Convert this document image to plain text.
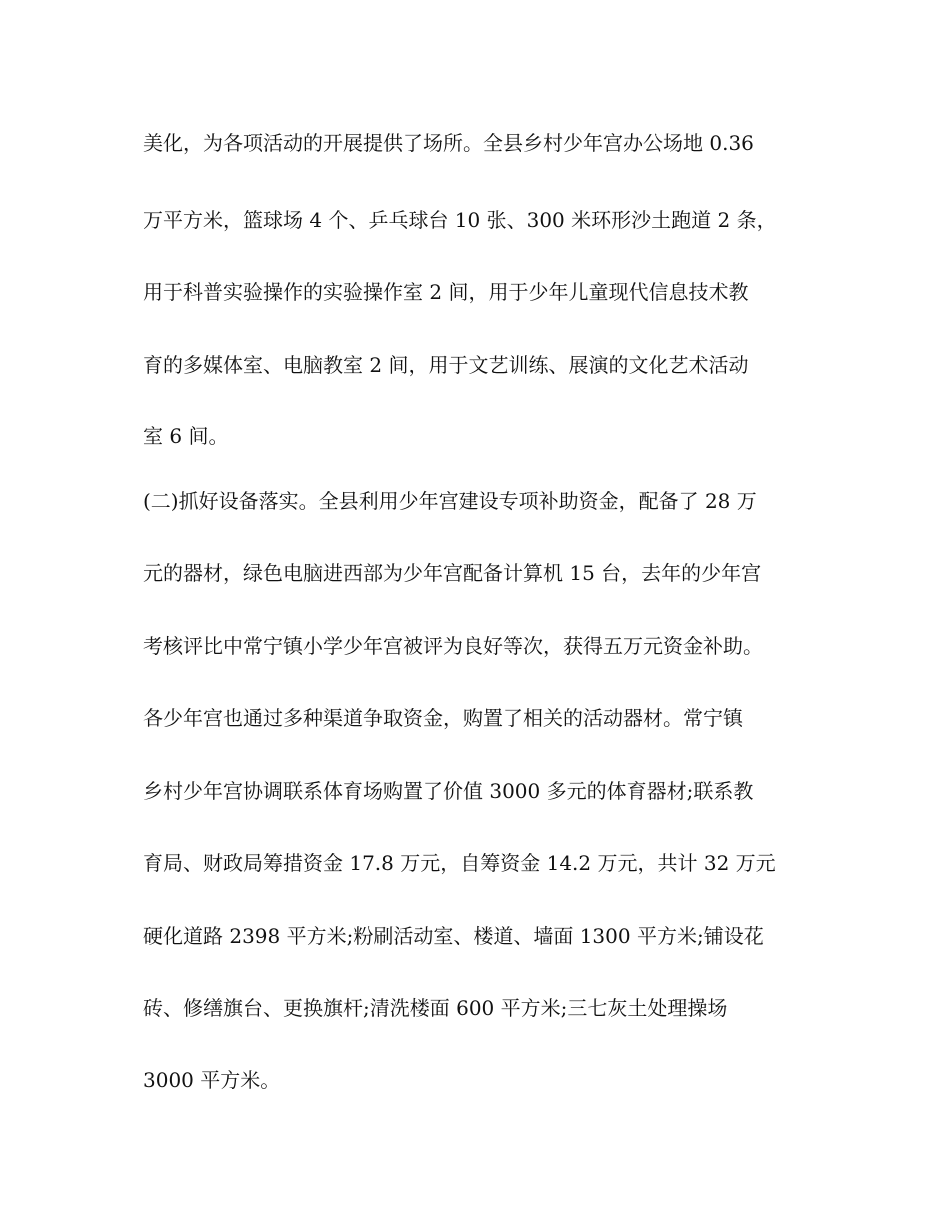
美化，为各项活动的开展提供了场所。全县乡村少年宫办公场地 0.36
万平方米，篮球场 4 个、乒乓球台 10 张、300 米环形沙土跑道 2 条，
用于科普实验操作的实验操作室 2 间，用于少年儿童现代信息技术教
育的多媒体室、电脑教室 2 间，用于文艺训练、展演的文化艺术活动
室 6 间。
(二)抓好设备落实。全县利用少年宫建设专项补助资金，配备了 28 万
元的器材，绿色电脑进西部为少年宫配备计算机 15 台，去年的少年宫
考核评比中常宁镇小学少年宫被评为良好等次，获得五万元资金补助。
各少年宫也通过多种渠道争取资金，购置了相关的活动器材。常宁镇
乡村少年宫协调联系体育场购置了价值 3000 多元的体育器材;联系教
育局、财政局筹措资金 17.8 万元，自筹资金 14.2 万元，共计 32 万元
硬化道路 2398 平方米;粉刷活动室、楼道、墙面 1300 平方米;铺设花
砖、修缮旗台、更换旗杆;清洗楼面 600 平方米;三七灰土处理操场
3000 平方米。
